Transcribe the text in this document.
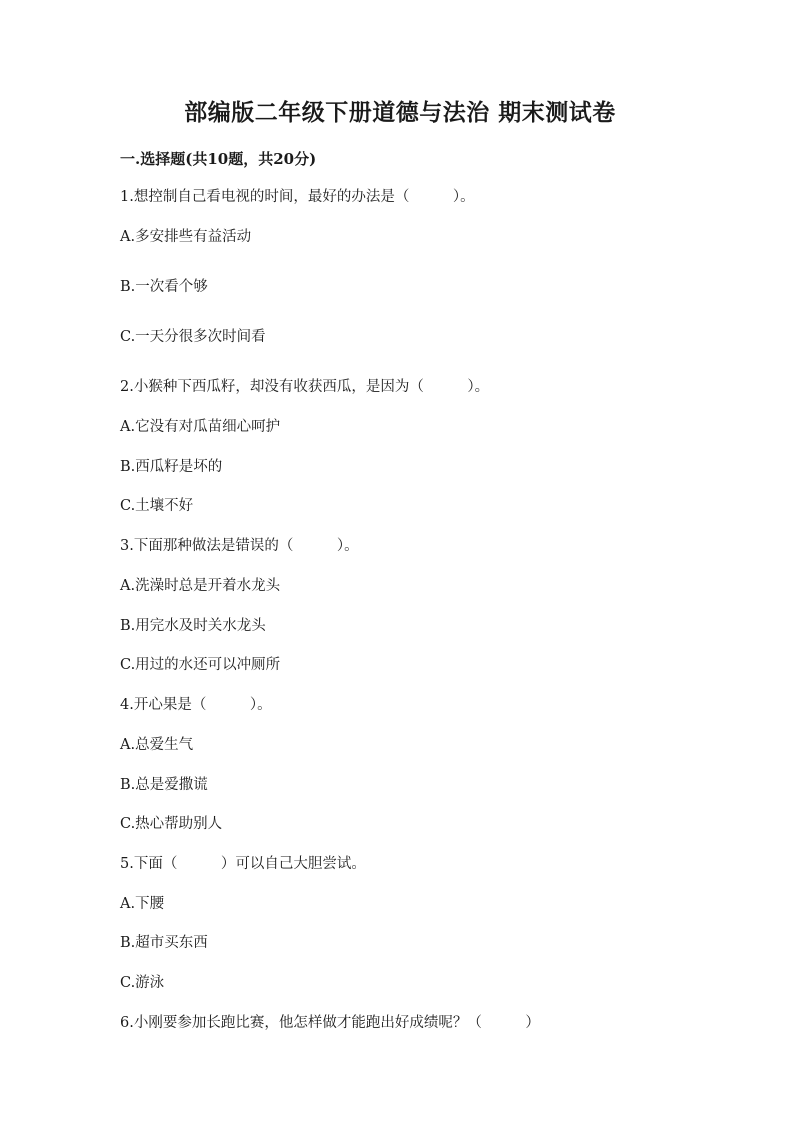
部编版二年级下册道德与法治 期末测试卷
一.选择题(共10题，共20分)
1.想控制自己看电视的时间，最好的办法是（　　　）。
A.多安排些有益活动
B.一次看个够
C.一天分很多次时间看
2.小猴种下西瓜籽，却没有收获西瓜，是因为（　　　）。
A.它没有对瓜苗细心呵护
B.西瓜籽是坏的
C.土壤不好
3.下面那种做法是错误的（　　　）。
A.洗澡时总是开着水龙头
B.用完水及时关水龙头
C.用过的水还可以冲厕所
4.开心果是（　　　）。
A.总爱生气
B.总是爱撒谎
C.热心帮助别人
5.下面（　　　）可以自己大胆尝试。
A.下腰
B.超市买东西
C.游泳
6.小刚要参加长跑比赛，他怎样做才能跑出好成绩呢？（　　　）
